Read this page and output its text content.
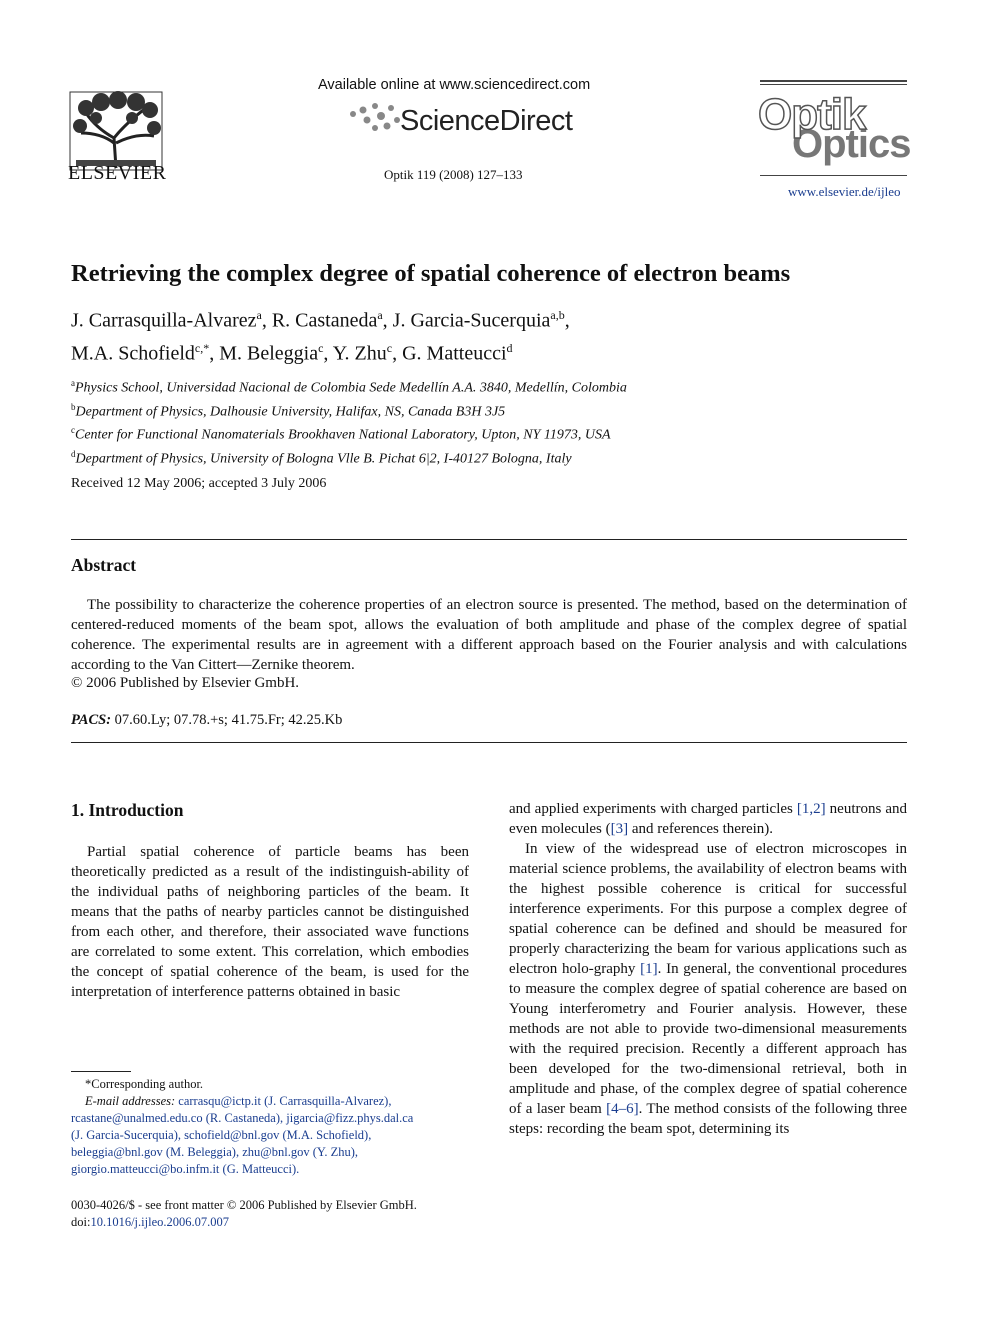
ELSEVIER
Available online at www.sciencedirect.com
ScienceDirect
Optik 119 (2008) 127–133
Optics
Optik
www.elsevier.de/ijleo
Retrieving the complex degree of spatial coherence of electron beams
J. Carrasquilla-Alvarez$^a$, R. Castaneda$^a$, J. Garcia-Sucerquia$^{a,b}$,
M.A. Schofield$^{c,*}$, M. Beleggia$^c$, Y. Zhu$^c$, G. Matteucci$^d$
$^a$Physics School, Universidad Nacional de Colombia Sede Medellín A.A. 3840, Medellín, Colombia
$^b$Department of Physics, Dalhousie University, Halifax, NS, Canada B3H 3J5
$^c$Center for Functional Nanomaterials Brookhaven National Laboratory, Upton, NY 11973, USA
$^d$Department of Physics, University of Bologna Vlle B. Pichat 6|2, I-40127 Bologna, Italy
Received 12 May 2006; accepted 3 July 2006
Abstract

The possibility to characterize the coherence properties of an electron source is presented. The method, based on the determination of centered-reduced moments of the beam spot, allows the evaluation of both amplitude and phase of the complex degree of spatial coherence. The experimental results are in agreement with a different approach based on the Fourier analysis and with calculations according to the Van Cittert—Zernike theorem.

© 2006 Published by Elsevier GmbH.
PACS: 07.60.Ly; 07.78.+s; 41.75.Fr; 42.25.Kb
1. Introduction

Partial spatial coherence of particle beams has been theoretically predicted as a result of the indistinguish-ability of the individual paths of neighboring particles of the beam. It means that the paths of nearby particles cannot be distinguished from each other, and therefore, their associated wave functions are correlated to some extent. This correlation, which embodies the concept of spatial coherence of the beam, is used for the interpretation of interference patterns obtained in basic

and applied experiments with charged particles [1,2] neutrons and even molecules ([3] and references therein).

In view of the widespread use of electron microscopes in material science problems, the availability of electron beams with the highest possible coherence is critical for successful interference experiments. For this purpose a complex degree of spatial coherence can be defined and should be measured for properly characterizing the beam for various applications such as electron holo-graphy [1]. In general, the conventional procedures to measure the complex degree of spatial coherence are based on Young interferometry and Fourier analysis. However, these methods are not able to provide two-dimensional measurements with the required precision. Recently a different approach has been developed for the two-dimensional retrieval, both in amplitude and phase, of the complex degree of spatial coherence of a laser beam [4–6]. The method consists of the following three steps: recording the beam spot, determining its

*Corresponding author.
E-mail addresses: carrasqu@ictp.it (J. Carrasquilla-Alvarez),
rcastane@unalmed.edu.co (R. Castaneda), jigarcia@fizz.phys.dal.ca
(J. Garcia-Sucerquia), schofield@bnl.gov (M.A. Schofield),
beleggia@bnl.gov (M. Beleggia), zhu@bnl.gov (Y. Zhu),
giorgio.matteucci@bo.infm.it (G. Matteucci).
0030-4026/$ - see front matter © 2006 Published by Elsevier GmbH.
doi:10.1016/j.ijleo.2006.07.007
